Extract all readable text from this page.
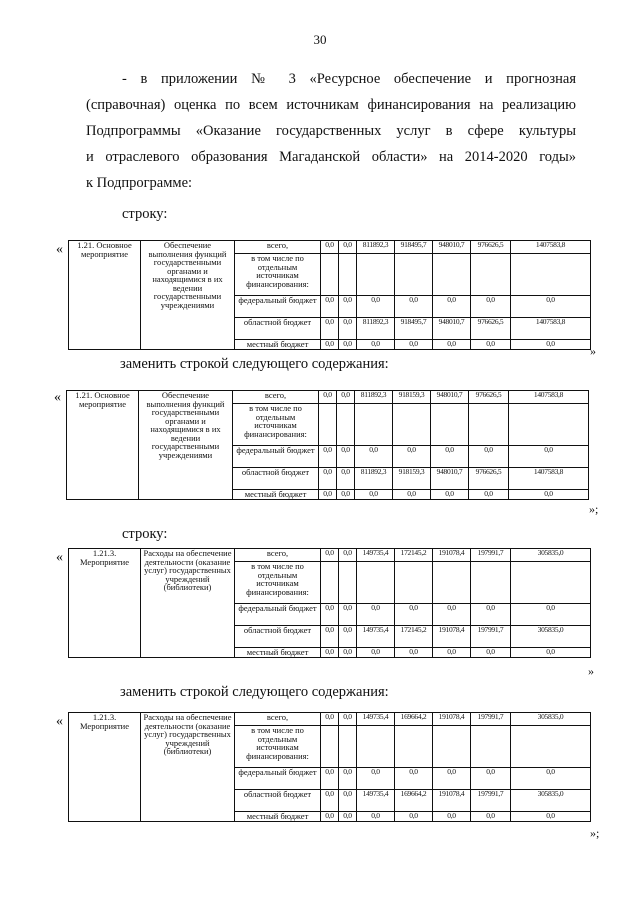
30
- в приложении № 3 «Ресурсное обеспечение и прогнозная
(справочная) оценка по всем источникам финансирования на реализацию
Подпрограммы «Оказание государственных услуг в сфере культуры
и отраслевого образования Магаданской области» на 2014-2020 годы»
к Подпрограмме:
строку:
« 1.21. Основное мероприятие	Обеспечение выполнения функций государственными органами и находящимися в их ведении государственными учреждениями	всего,	0,0	0,0	811892,3	918495,7	948010,7	976626,5	1407583,8
		в том числе по отдельным источникам финансирования:							
		федеральный бюджет	0,0	0,0	0,0	0,0	0,0	0,0	0,0
		областной бюджет	0,0	0,0	811892,3	918495,7	948010,7	976626,5	1407583,8
		местный бюджет	0,0	0,0	0,0	0,0	0,0	0,0	0,0
»
заменить строкой следующего содержания:
« 1.21. Основное мероприятие	Обеспечение выполнения функций государственными органами и находящимися в их ведении государственными учреждениями	всего,	0,0	0,0	811892,3	918159,3	948010,7	976626,5	1407583,8
		в том числе по отдельным источникам финансирования:							
		федеральный бюджет	0,0	0,0	0,0	0,0	0,0	0,0	0,0
		областной бюджет	0,0	0,0	811892,3	918159,3	948010,7	976626,5	1407583,8
		местный бюджет	0,0	0,0	0,0	0,0	0,0	0,0	0,0
»;
строку:
«	1.21.3. Мероприятие	Расходы на обеспечение деятельности (оказание услуг) государственных учреждений (библиотеки)	всего,	0,0	0,0	149735,4	172145,2	191078,4	197991,7	305835,0
		в том числе по отдельным источникам финансирования:							
		федеральный бюджет	0,0	0,0	0,0	0,0	0,0	0,0	0,0
		областной бюджет	0,0	0,0	149735,4	172145,2	191078,4	197991,7	305835,0
		местный бюджет	0,0	0,0	0,0	0,0	0,0	0,0	0,0
»
заменить строкой следующего содержания:
«	1.21.3. Мероприятие	Расходы на обеспечение деятельности (оказание услуг) государственных учреждений (библиотеки)	всего,	0,0	0,0	149735,4	169664,2	191078,4	197991,7	305835,0
		в том числе по отдельным источникам финансирования:							
		федеральный бюджет	0,0	0,0	0,0	0,0	0,0	0,0	0,0
		областной бюджет	0,0	0,0	149735,4	169664,2	191078,4	197991,7	305835,0
		местный бюджет	0,0	0,0	0,0	0,0	0,0	0,0	0,0
»;
